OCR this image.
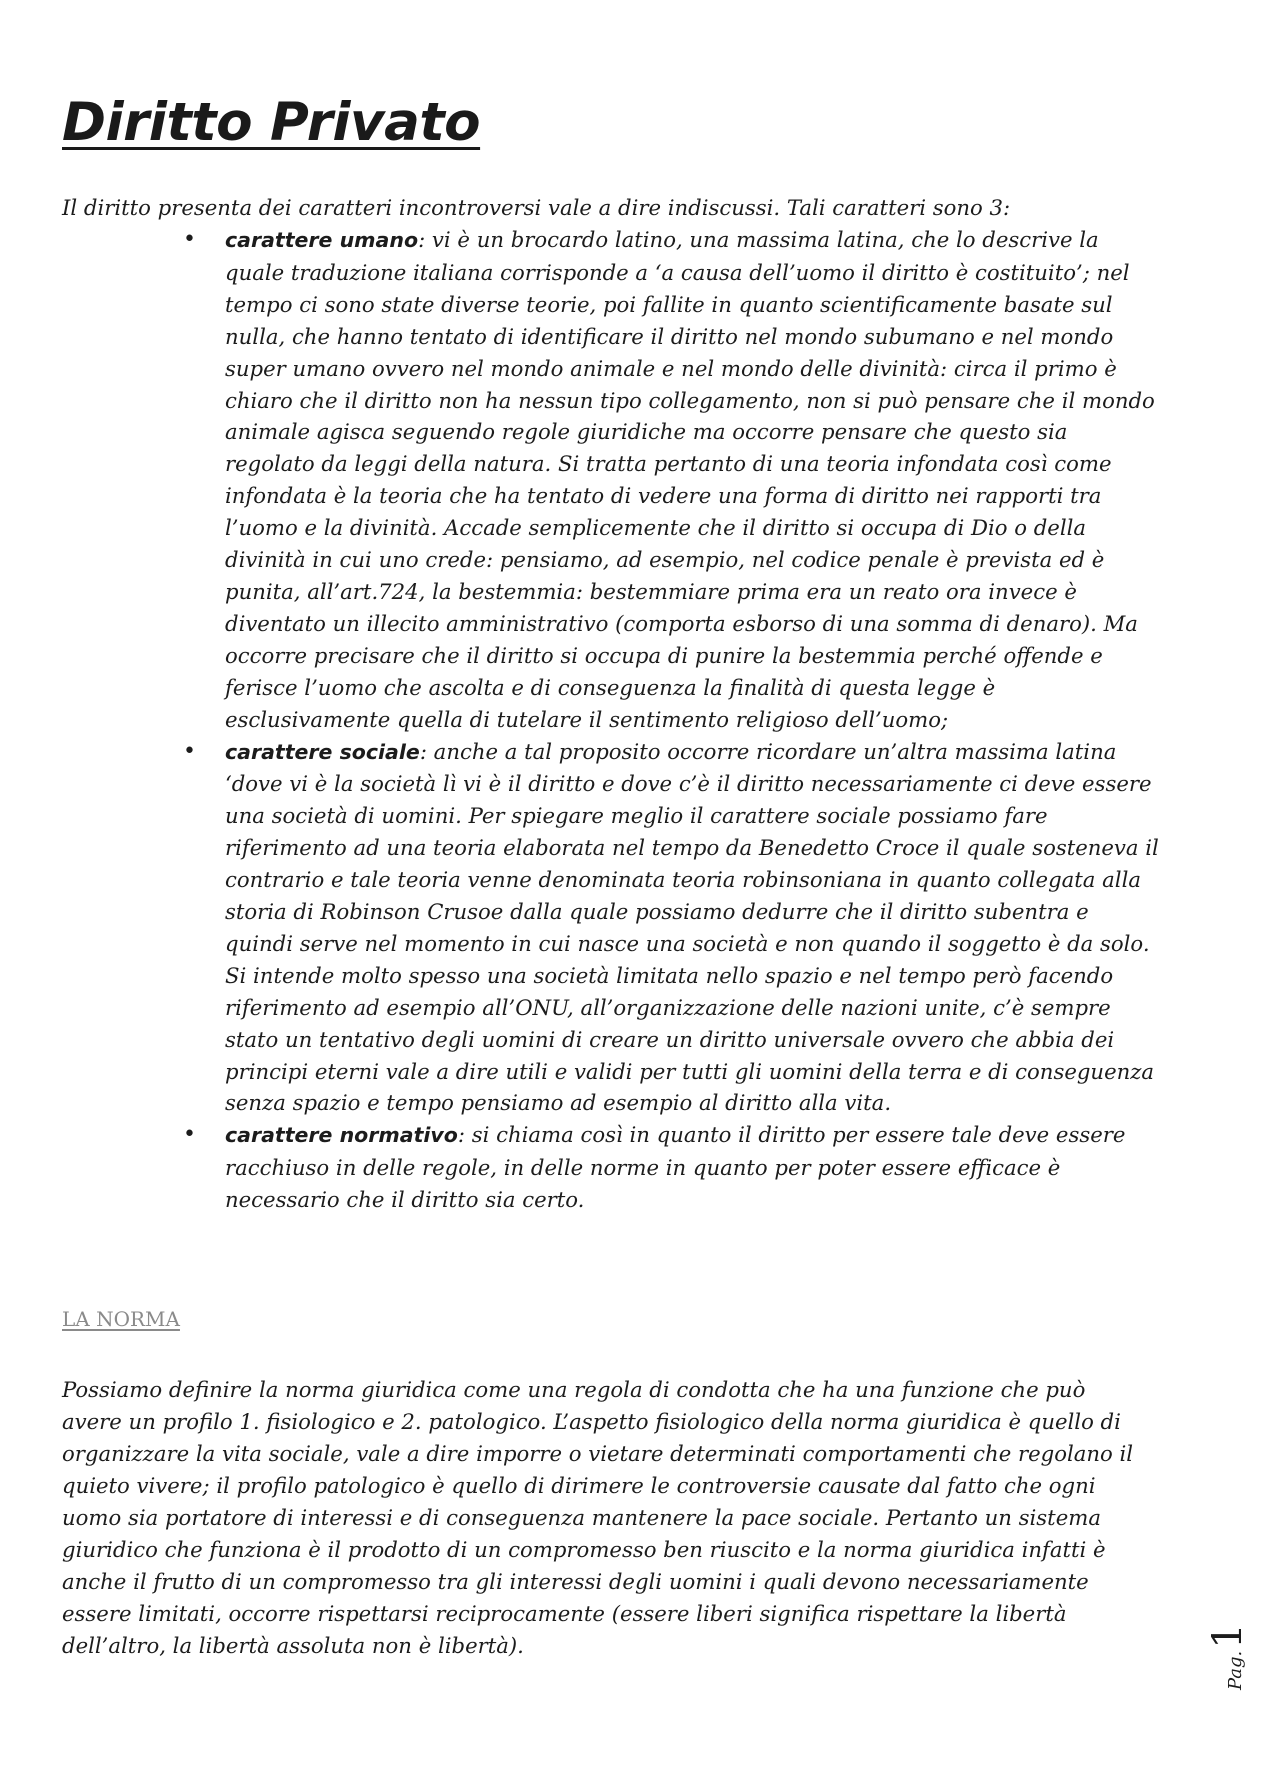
Diritto Privato

Il diritto presenta dei caratteri incontroversi vale a dire indiscussi. Tali caratteri sono 3:

• carattere umano: vi è un brocardo latino, una massima latina, che lo descrive la quale traduzione italiana corrisponde a ‘a causa dell’uomo il diritto è costituito’; nel tempo ci sono state diverse teorie, poi fallite in quanto scientificamente basate sul nulla, che hanno tentato di identificare il diritto nel mondo subumano e nel mondo super umano ovvero nel mondo animale e nel mondo delle divinità: circa il primo è chiaro che il diritto non ha nessun tipo collegamento, non si può pensare che il mondo animale agisca seguendo regole giuridiche ma occorre pensare che questo sia regolato da leggi della natura. Si tratta pertanto di una teoria infondata così come infondata è la teoria che ha tentato di vedere una forma di diritto nei rapporti tra l’uomo e la divinità. Accade semplicemente che il diritto si occupa di Dio o della divinità in cui uno crede: pensiamo, ad esempio, nel codice penale è prevista ed è punita, all’art.724, la bestemmia: bestemmiare prima era un reato ora invece è diventato un illecito amministrativo (comporta esborso di una somma di denaro). Ma occorre precisare che il diritto si occupa di punire la bestemmia perché offende e ferisce l’uomo che ascolta e di conseguenza la finalità di questa legge è esclusivamente quella di tutelare il sentimento religioso dell’uomo;
• carattere sociale: anche a tal proposito occorre ricordare un’altra massima latina ‘dove vi è la società lì vi è il diritto e dove c’è il diritto necessariamente ci deve essere una società di uomini. Per spiegare meglio il carattere sociale possiamo fare riferimento ad una teoria elaborata nel tempo da Benedetto Croce il quale sosteneva il contrario e tale teoria venne denominata teoria robinsoniana in quanto collegata alla storia di Robinson Crusoe dalla quale possiamo dedurre che il diritto subentra e quindi serve nel momento in cui nasce una società e non quando il soggetto è da solo. Si intende molto spesso una società limitata nello spazio e nel tempo però facendo riferimento ad esempio all’ONU, all’organizzazione delle nazioni unite, c’è sempre stato un tentativo degli uomini di creare un diritto universale ovvero che abbia dei principi eterni vale a dire utili e validi per tutti gli uomini della terra e di conseguenza senza spazio e tempo pensiamo ad esempio al diritto alla vita.
• carattere normativo: si chiama così in quanto il diritto per essere tale deve essere racchiuso in delle regole, in delle norme in quanto per poter essere efficace è necessario che il diritto sia certo.
LA NORMA

Possiamo definire la norma giuridica come una regola di condotta che ha una funzione che può avere un profilo 1. fisiologico e 2. patologico. L’aspetto fisiologico della norma giuridica è quello di organizzare la vita sociale, vale a dire imporre o vietare determinati comportamenti che regolano il quieto vivere; il profilo patologico è quello di dirimere le controversie causate dal fatto che ogni uomo sia portatore di interessi e di conseguenza mantenere la pace sociale. Pertanto un sistema giuridico che funziona è il prodotto di un compromesso ben riuscito e la norma giuridica infatti è anche il frutto di un compromesso tra gli interessi degli uomini i quali devono necessariamente essere limitati, occorre rispettarsi reciprocamente (essere liberi significa rispettare la libertà dell’altro, la libertà assoluta non è libertà).

Pag.1
